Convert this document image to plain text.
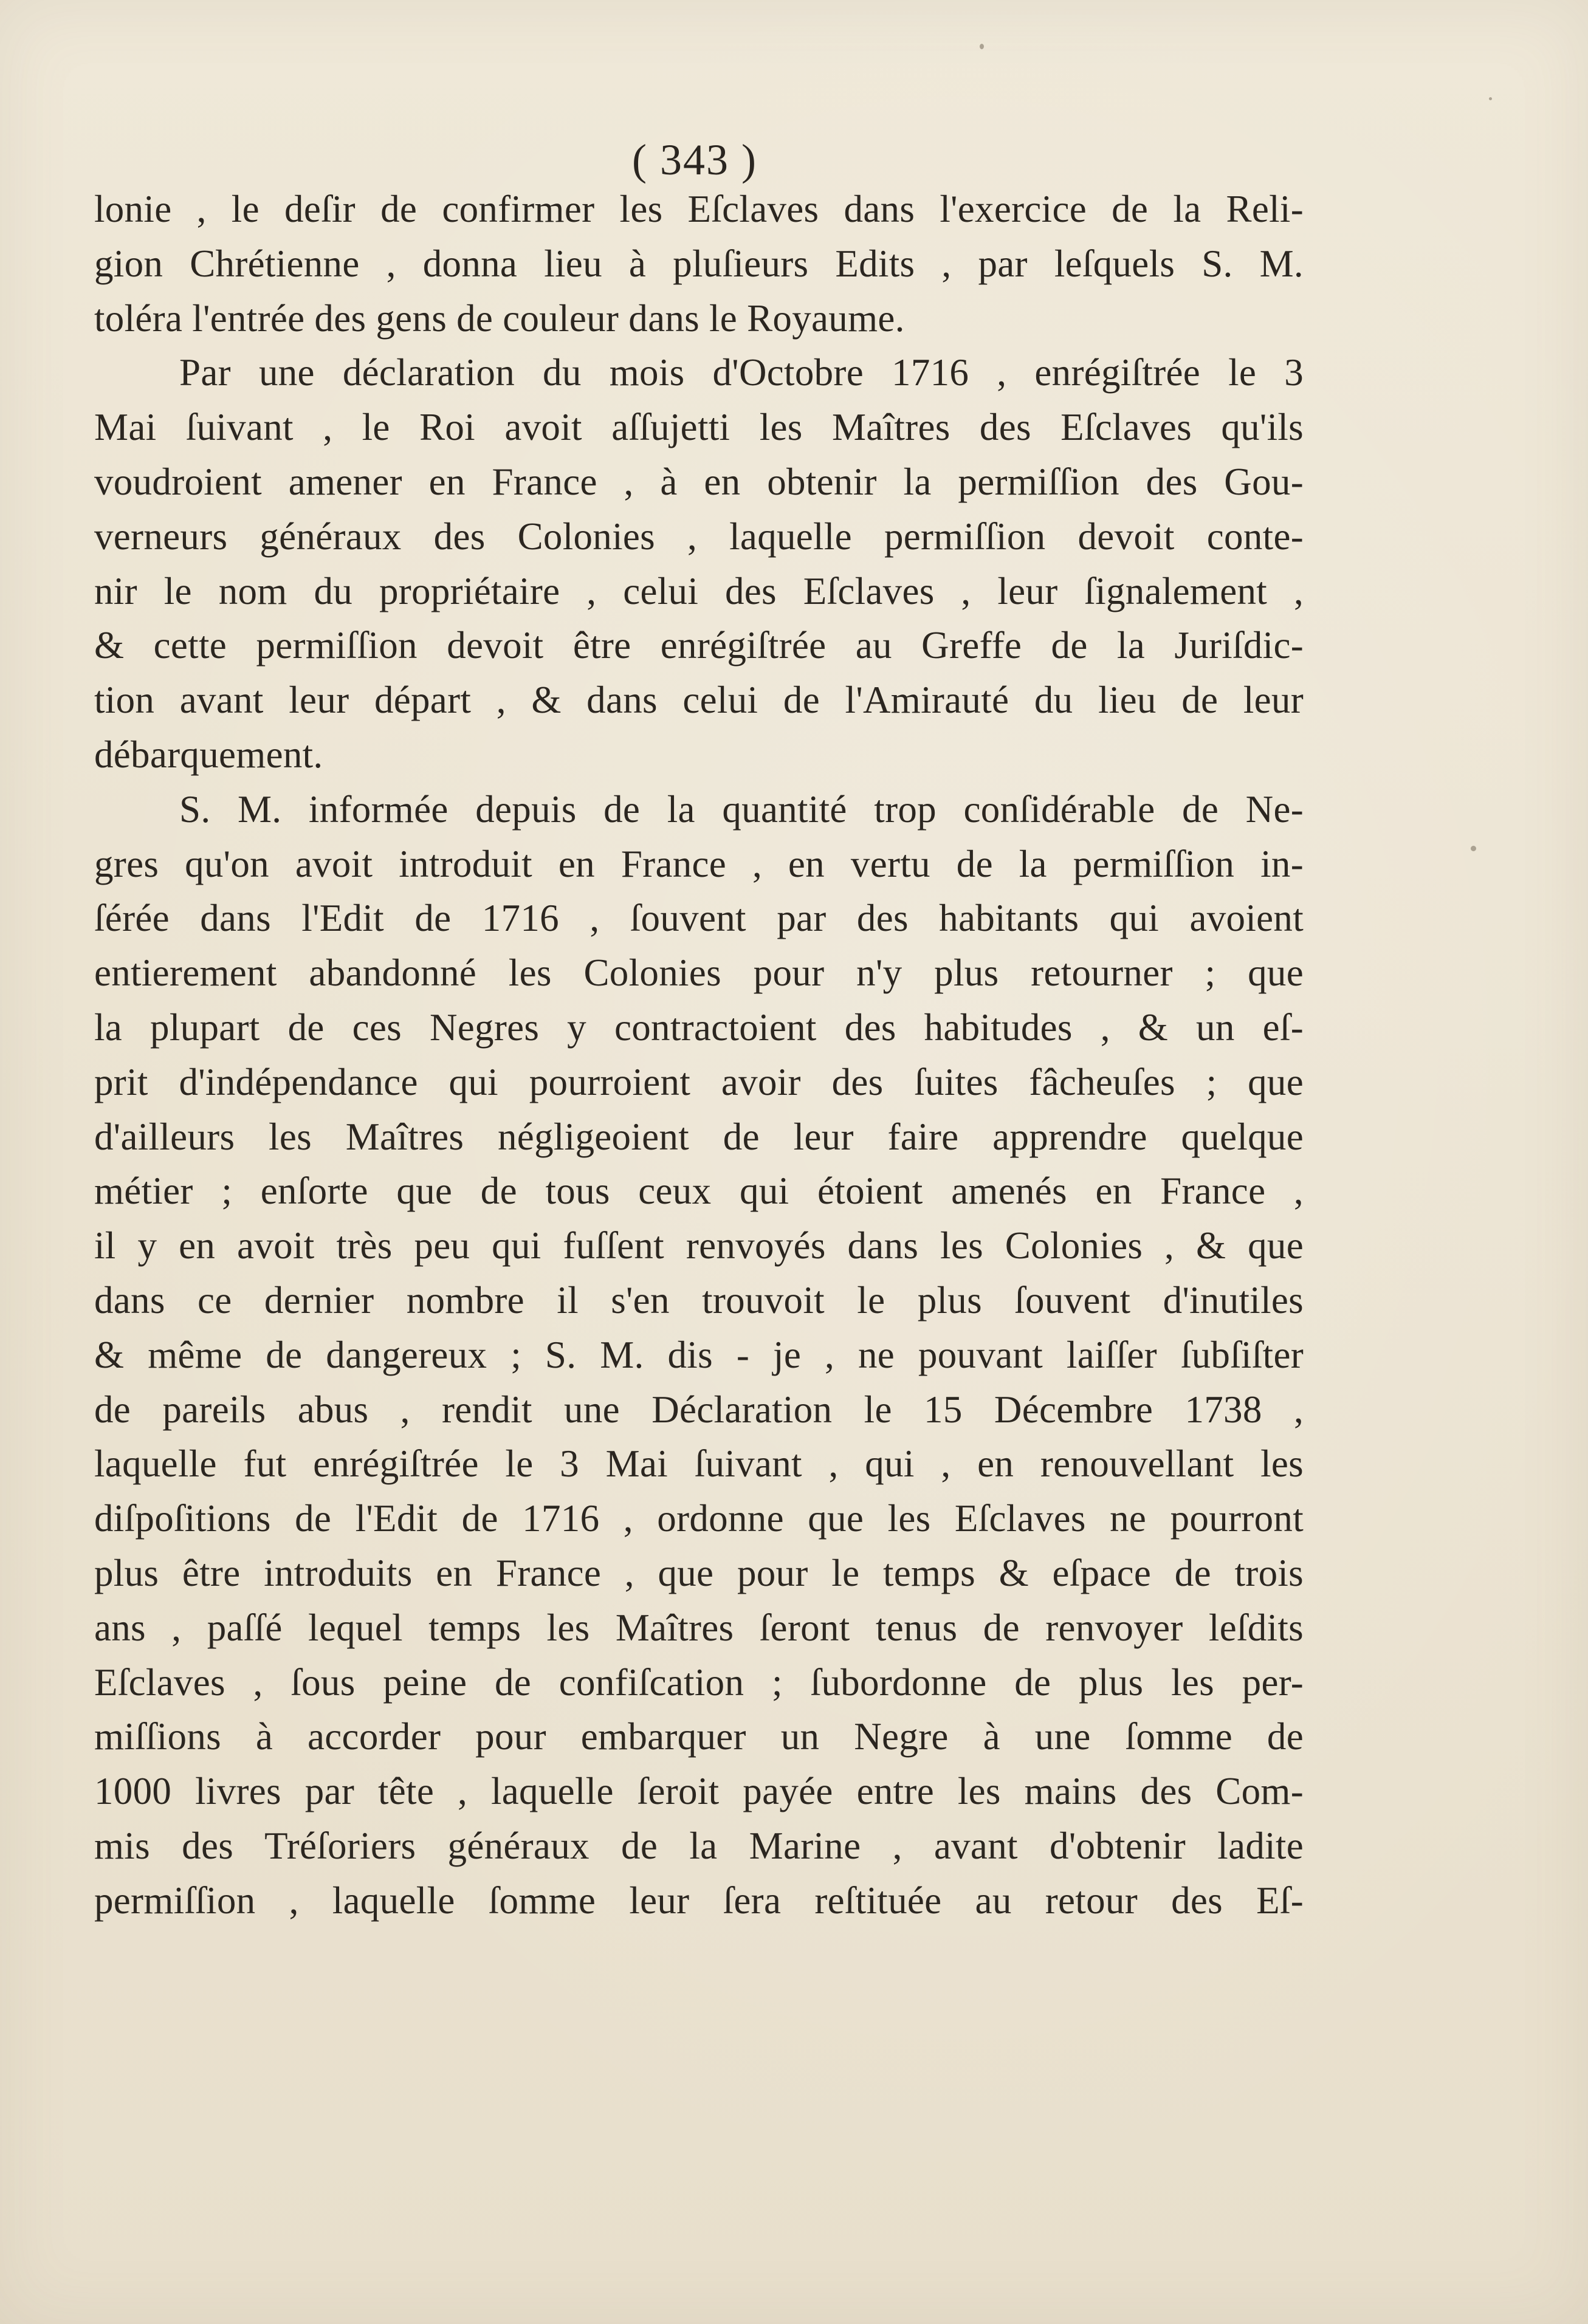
( 343 )
lonie , le deſir de confirmer les Eſclaves dans l'exercice de la Reli-
gion Chrétienne , donna lieu à pluſieurs Edits , par leſquels S. M.
toléra l'entrée des gens de couleur dans le Royaume.
Par une déclaration du mois d'Octobre 1716 , enrégiſtrée le 3
Mai ſuivant , le Roi avoit aſſujetti les Maîtres des Eſclaves qu'ils
voudroient amener en France , à en obtenir la permiſſion des Gou-
verneurs généraux des Colonies , laquelle permiſſion devoit conte-
nir le nom du propriétaire , celui des Eſclaves , leur ſignalement ,
& cette permiſſion devoit être enrégiſtrée au Greffe de la Juriſdic-
tion avant leur départ , & dans celui de l'Amirauté du lieu de leur
débarquement.
S. M. informée depuis de la quantité trop conſidérable de Ne-
gres qu'on avoit introduit en France , en vertu de la permiſſion in-
ſérée dans l'Edit de 1716 , ſouvent par des habitants qui avoient
entierement abandonné les Colonies pour n'y plus retourner ; que
la plupart de ces Negres y contractoient des habitudes , & un eſ-
prit d'indépendance qui pourroient avoir des ſuites fâcheuſes ; que
d'ailleurs les Maîtres négligeoient de leur faire apprendre quelque
métier ; enſorte que de tous ceux qui étoient amenés en France ,
il y en avoit très peu qui fuſſent renvoyés dans les Colonies , & que
dans ce dernier nombre il s'en trouvoit le plus ſouvent d'inutiles
& même de dangereux ; S. M. dis - je , ne pouvant laiſſer ſubſiſter
de pareils abus , rendit une Déclaration le 15 Décembre 1738 ,
laquelle fut enrégiſtrée le 3 Mai ſuivant , qui , en renouvellant les
diſpoſitions de l'Edit de 1716 , ordonne que les Eſclaves ne pourront
plus être introduits en France , que pour le temps & eſpace de trois
ans , paſſé lequel temps les Maîtres ſeront tenus de renvoyer leſdits
Eſclaves , ſous peine de confiſcation ; ſubordonne de plus les per-
miſſions à accorder pour embarquer un Negre à une ſomme de
1000 livres par tête , laquelle ſeroit payée entre les mains des Com-
mis des Tréſoriers généraux de la Marine , avant d'obtenir ladite
permiſſion , laquelle ſomme leur ſera reſtituée au retour des Eſ-
